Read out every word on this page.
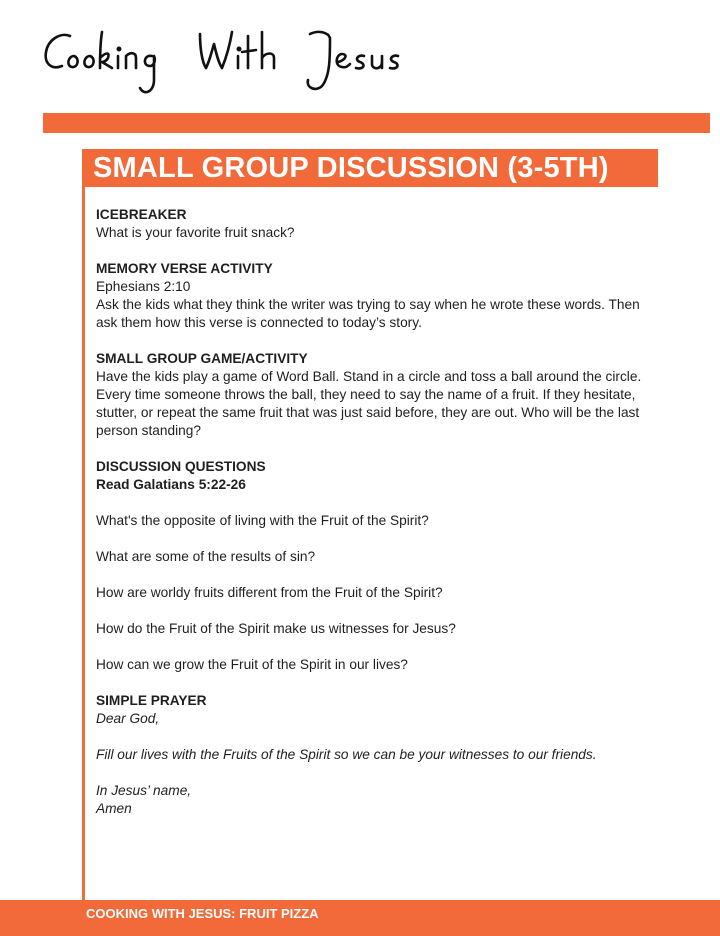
SMALL GROUP DISCUSSION (3-5TH)

ICEBREAKER

What is your favorite fruit snack?

MEMORY VERSE ACTIVITY

Ephesians 2:10

Ask the kids what they think the writer was trying to say when he wrote these words. Then ask them how this verse is connected to today’s story.

SMALL GROUP GAME/ACTIVITY

Have the kids play a game of Word Ball. Stand in a circle and toss a ball around the circle. Every time someone throws the ball, they need to say the name of a fruit. If they hesitate, stutter, or repeat the same fruit that was just said before, they are out. Who will be the last person standing?

DISCUSSION QUESTIONS

Read Galatians 5:22-26

What's the opposite of living with the Fruit of the Spirit?

What are some of the results of sin?

How are worldy fruits different from the Fruit of the Spirit?

How do the Fruit of the Spirit make us witnesses for Jesus?

How can we grow the Fruit of the Spirit in our lives?

SIMPLE PRAYER

Dear God,

Fill our lives with the Fruits of the Spirit so we can be your witnesses to our friends.

In Jesus’ name,

Amen

COOKING WITH JESUS: FRUIT PIZZA
